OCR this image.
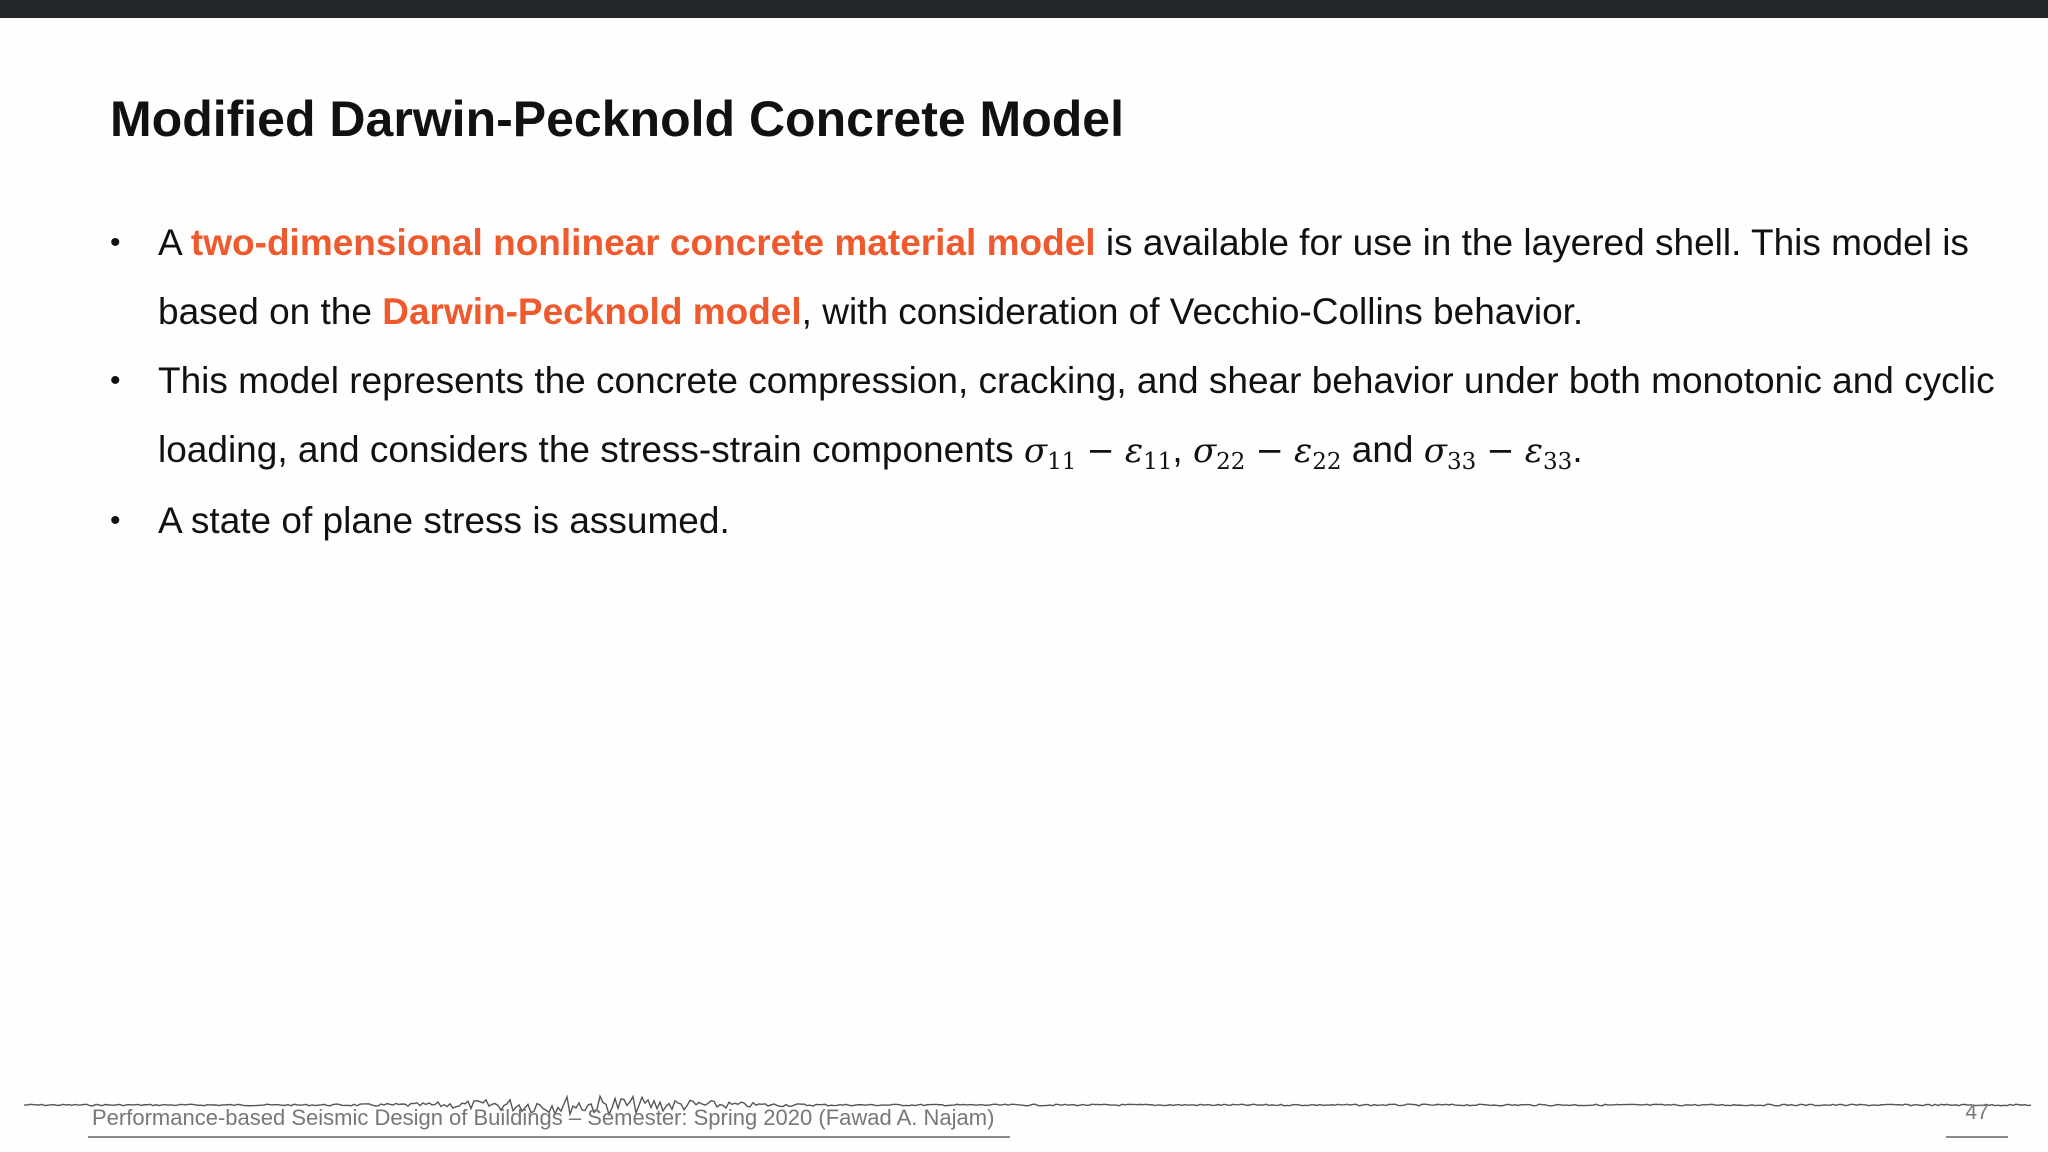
Modified Darwin-Pecknold Concrete Model
• A two-dimensional nonlinear concrete material model is available for use in the layered shell. This model is based on the Darwin-Pecknold model, with consideration of Vecchio-Collins behavior.
• This model represents the concrete compression, cracking, and shear behavior under both monotonic and cyclic loading, and considers the stress-strain components $\sigma_{11} - \varepsilon_{11}$, $\sigma_{22} - \varepsilon_{22}$ and $\sigma_{33} - \varepsilon_{33}$.
• A state of plane stress is assumed.
Performance-based Seismic Design of Buildings – Semester: Spring 2020 (Fawad A. Najam)	47
